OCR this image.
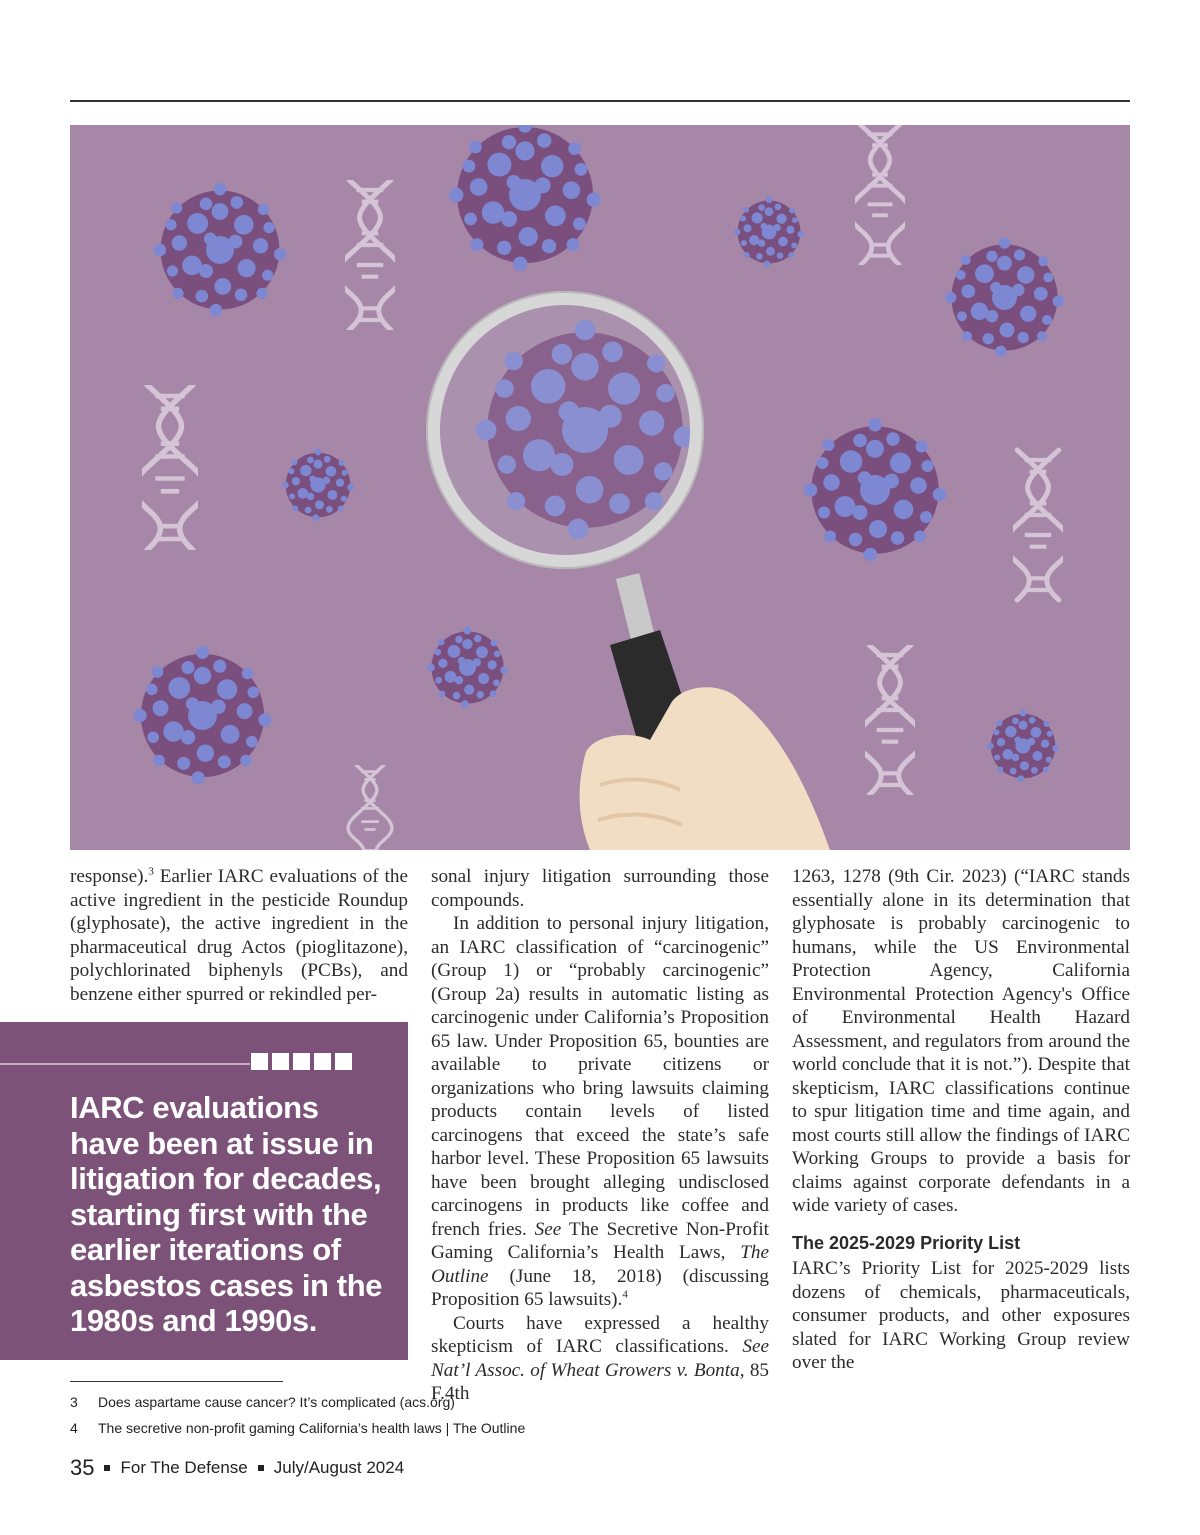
response).$^3$ Earlier IARC evaluations of the active ingredient in the pesticide Roundup (glyphosate), the active ingredient in the pharmaceutical drug Actos (pioglitazone), polychlorinated biphenyls (PCBs), and benzene either spurred or rekindled per-

IARC evaluations have been at issue in litigation for decades, starting first with the earlier iterations of asbestos cases in the 1980s and 1990s.

sonal injury litigation surrounding those compounds.

In addition to personal injury litigation, an IARC classification of “carcinogenic” (Group 1) or “probably carcinogenic” (Group 2a) results in automatic listing as carcinogenic under California’s Proposition 65 law. Under Proposition 65, bounties are available to private citizens or organizations who bring lawsuits claiming products contain levels of listed carcinogens that exceed the state’s safe harbor level. These Proposition 65 lawsuits have been brought alleging undisclosed carcinogens in products like coffee and french fries. See The Secretive Non-Profit Gaming California’s Health Laws, The Outline (June 18, 2018) (discussing Proposition 65 lawsuits).$^4$

Courts have expressed a healthy skepticism of IARC classifications. See Nat’l Assoc. of Wheat Growers v. Bonta, 85 F.4th

1263, 1278 (9th Cir. 2023) (“IARC stands essentially alone in its determination that glyphosate is probably carcinogenic to humans, while the US Environmental Protection Agency, California Environmental Protection Agency's Office of Environmental Health Hazard Assessment, and regulators from around the world conclude that it is not.”). Despite that skepticism, IARC classifications continue to spur litigation time and time again, and most courts still allow the findings of IARC Working Groups to provide a basis for claims against corporate defendants in a wide variety of cases.

The 2025-2029 Priority List

IARC’s Priority List for 2025-2029 lists dozens of chemicals, pharmaceuticals, consumer products, and other exposures slated for IARC Working Group review over the

3	Does aspartame cause cancer? It’s complicated (acs.org)
4	The secretive non-profit gaming California’s health laws | The Outline
35 For The Defense July/August 2024
